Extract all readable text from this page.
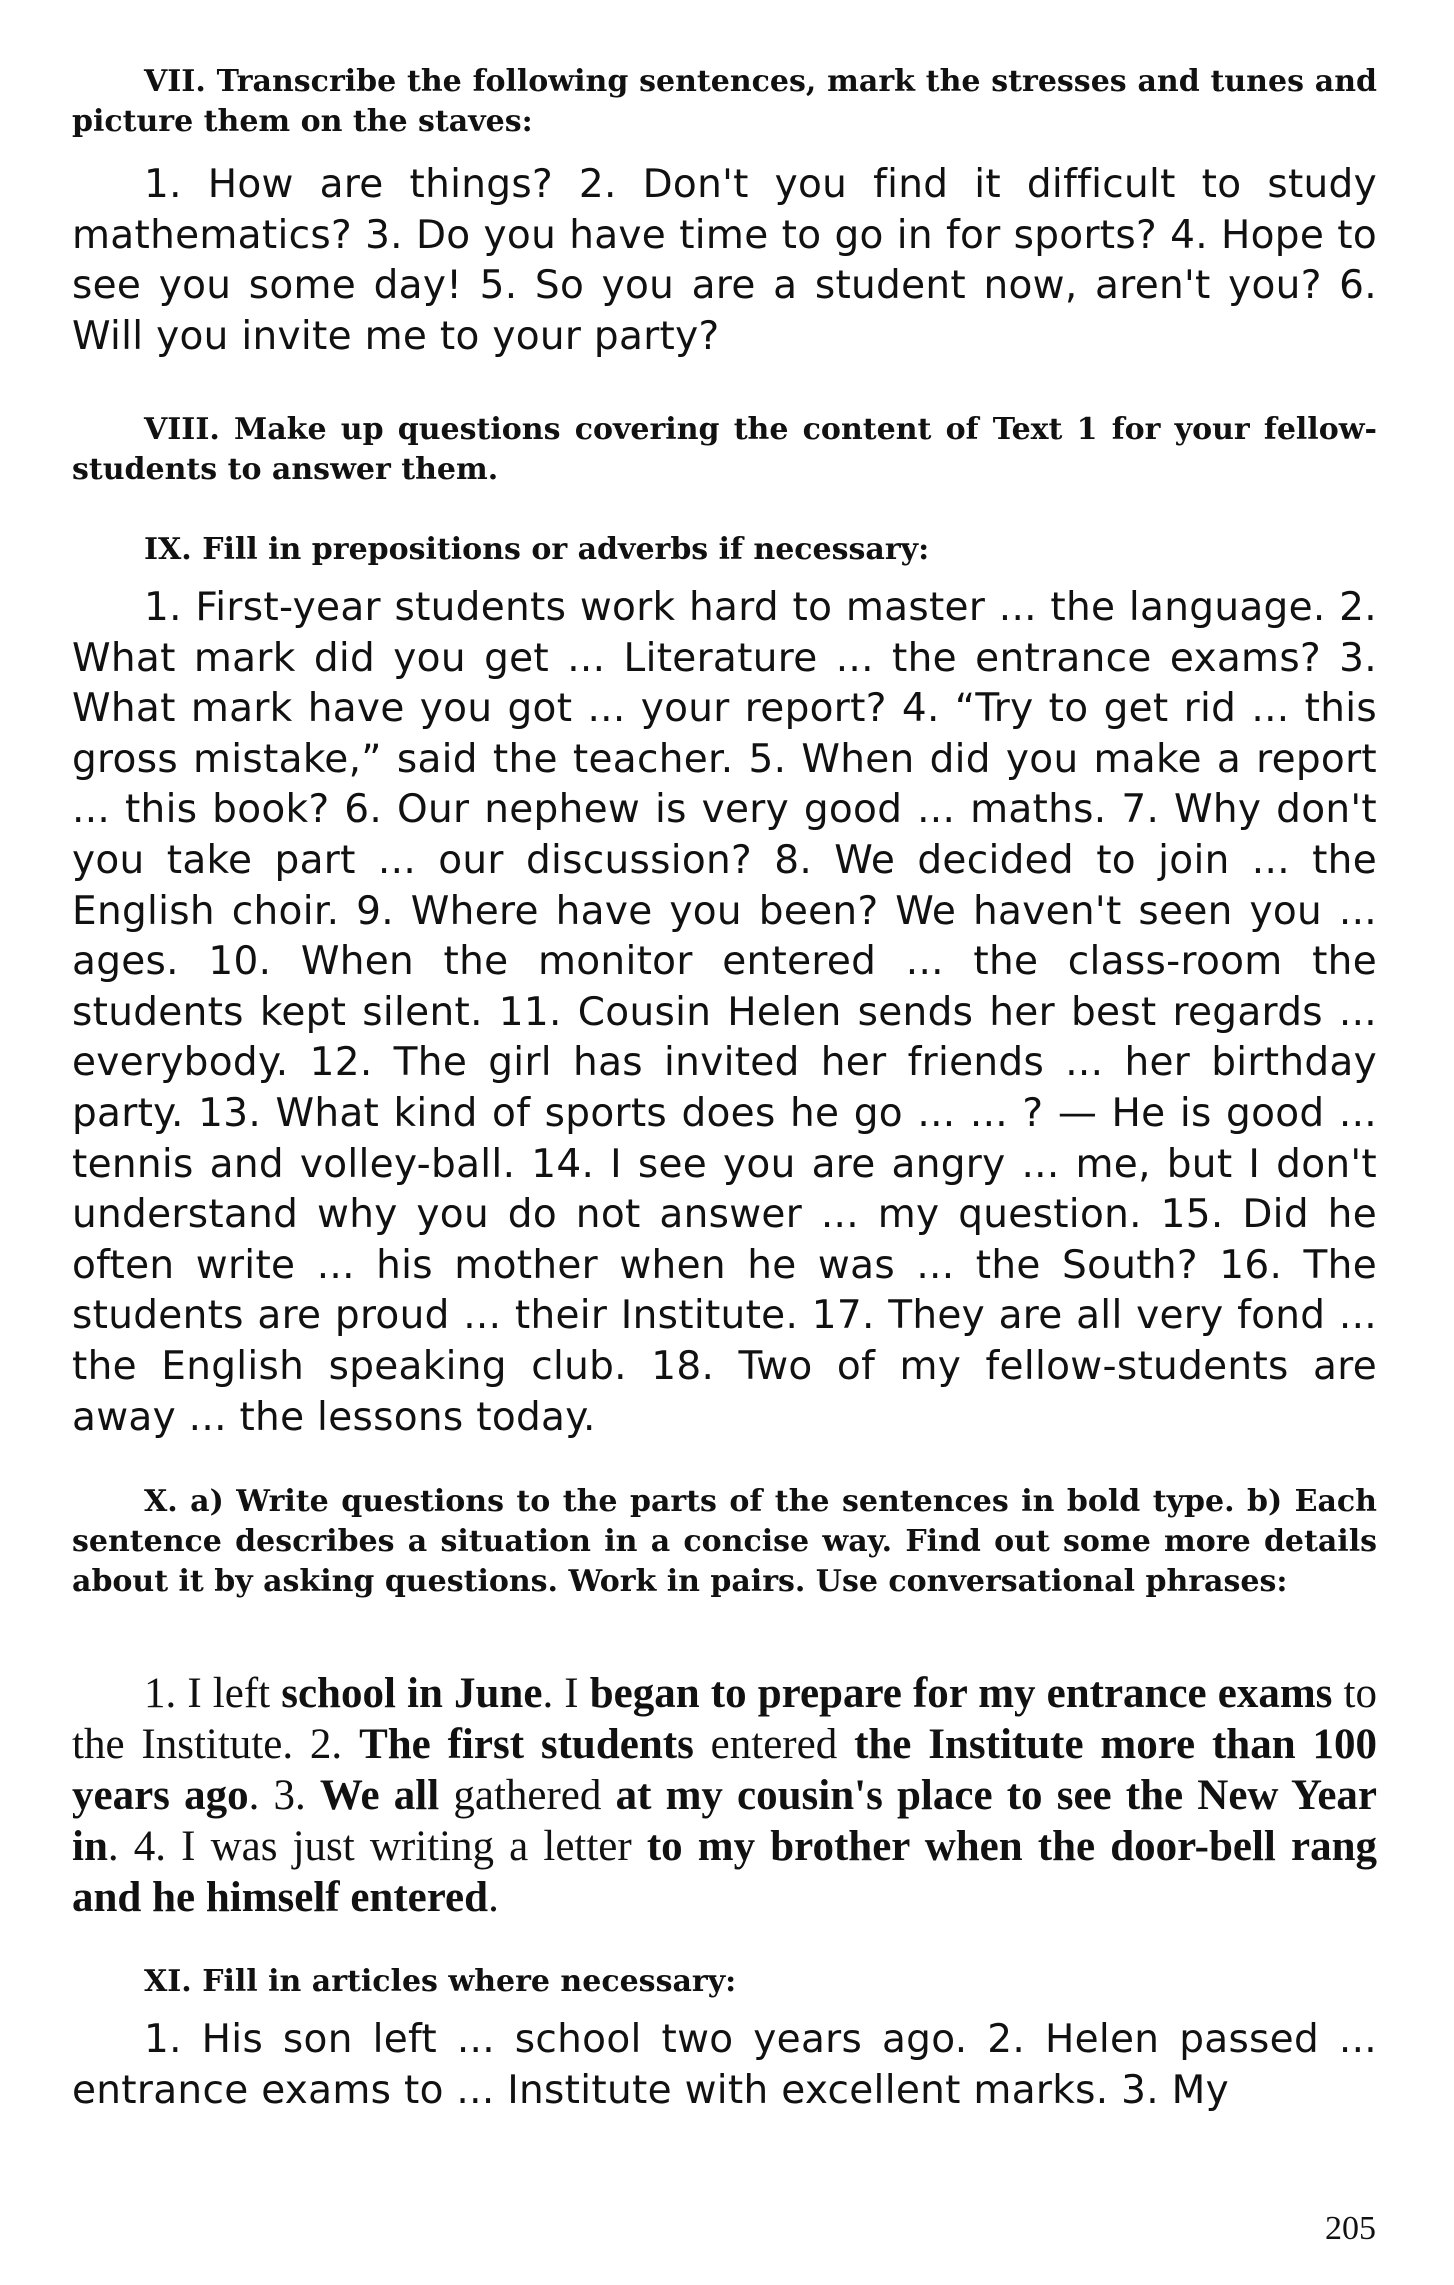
VII. Transcribe the following sentences, mark the stresses and tunes and picture them on the staves:
1. How are things? 2. Don't you find it difficult to study mathematics? 3. Do you have time to go in for sports? 4. Hope to see you some day! 5. So you are a student now, aren't you? 6. Will you invite me to your party?
VIII. Make up questions covering the content of Text 1 for your fellow-students to answer them.
IX. Fill in prepositions or adverbs if necessary:
1. First-year students work hard to master ... the language. 2. What mark did you get ... Literature ... the entrance exams? 3. What mark have you got ... your report? 4. “Try to get rid ... this gross mistake,” said the teacher. 5. When did you make a report ... this book? 6. Our nephew is very good ... maths. 7. Why don't you take part ... our discussion? 8. We decided to join ... the English choir. 9. Where have you been? We haven't seen you ... ages. 10. When the monitor entered ... the class-room the students kept silent. 11. Cousin Helen sends her best regards ... everybody. 12. The girl has invited her friends ... her birthday party. 13. What kind of sports does he go ... ... ? — He is good ... tennis and volley-ball. 14. I see you are angry ... me, but I don't understand why you do not answer ... my question. 15. Did he often write ... his mother when he was ... the South? 16. The students are proud ... their Institute. 17. They are all very fond ... the English speaking club. 18. Two of my fellow-students are away ... the lessons today.
X. a) Write questions to the parts of the sentences in bold type. b) Each sentence describes a situation in a concise way. Find out some more details about it by asking questions. Work in pairs. Use conversational phrases:
1. I left school in June. I began to prepare for my entrance exams to the Institute. 2. The first students entered the Institute more than 100 years ago. 3. We all gathered at my cousin's place to see the New Year in. 4. I was just writing a letter to my brother when the door-bell rang and he himself entered.
XI. Fill in articles where necessary:
1. His son left ... school two years ago. 2. Helen passed ... entrance exams to ... Institute with excellent marks. 3. My
205
